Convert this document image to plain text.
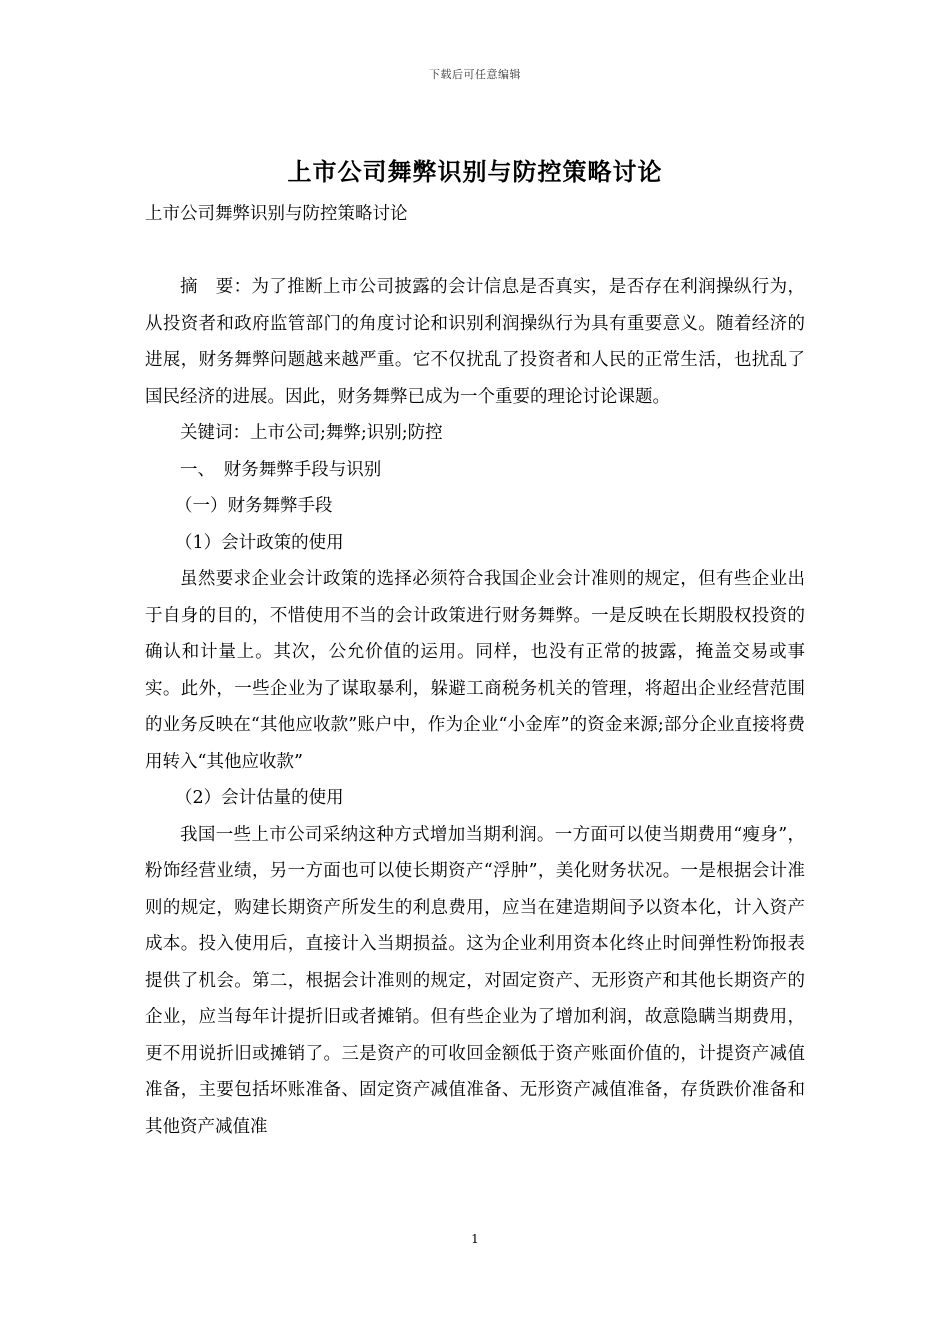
下载后可任意编辑
上市公司舞弊识别与防控策略讨论

上市公司舞弊识别与防控策略讨论

摘　要：为了推断上市公司披露的会计信息是否真实，是否存在利润操纵行为，从投资者和政府监管部门的角度讨论和识别利润操纵行为具有重要意义。随着经济的进展，财务舞弊问题越来越严重。它不仅扰乱了投资者和人民的正常生活，也扰乱了国民经济的进展。因此，财务舞弊已成为一个重要的理论讨论课题。

关键词：上市公司;舞弊;识别;防控

一、　财务舞弊手段与识别

（一）财务舞弊手段

（1）会计政策的使用

虽然要求企业会计政策的选择必须符合我国企业会计准则的规定，但有些企业出于自身的目的，不惜使用不当的会计政策进行财务舞弊。一是反映在长期股权投资的确认和计量上。其次，公允价值的运用。同样，也没有正常的披露，掩盖交易或事实。此外，一些企业为了谋取暴利，躲避工商税务机关的管理，将超出企业经营范围的业务反映在“其他应收款”账户中，作为企业“小金库”的资金来源;部分企业直接将费用转入“其他应收款”

（2）会计估量的使用

我国一些上市公司采纳这种方式增加当期利润。一方面可以使当期费用“瘦身”，粉饰经营业绩，另一方面也可以使长期资产“浮肿”，美化财务状况。一是根据会计准则的规定，购建长期资产所发生的利息费用，应当在建造期间予以资本化，计入资产成本。投入使用后，直接计入当期损益。这为企业利用资本化终止时间弹性粉饰报表提供了机会。第二，根据会计准则的规定，对固定资产、无形资产和其他长期资产的企业，应当每年计提折旧或者摊销。但有些企业为了增加利润，故意隐瞒当期费用，更不用说折旧或摊销了。三是资产的可收回金额低于资产账面价值的，计提资产减值准备，主要包括坏账准备、固定资产减值准备、无形资产减值准备，存货跌价准备和其他资产减值准

1
